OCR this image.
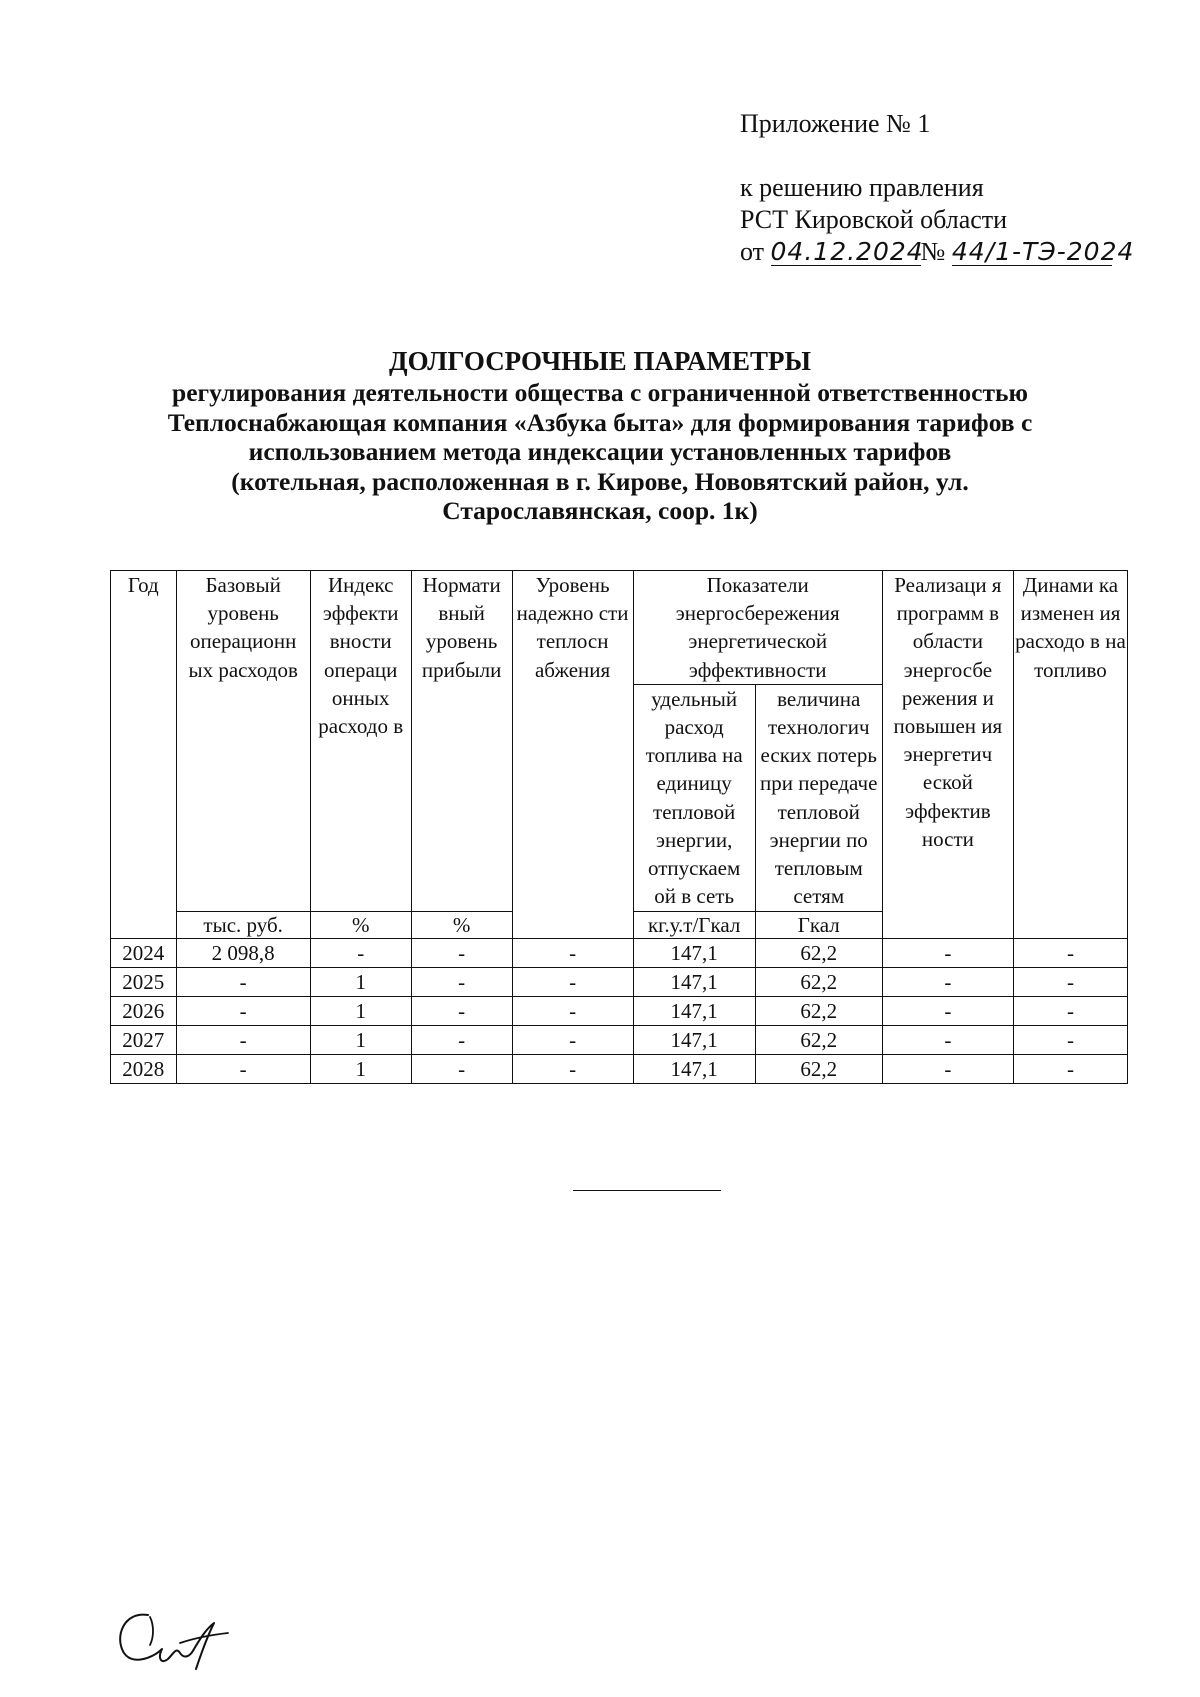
Приложение № 1
к решению правления
РСТ Кировской области
от 04.12.2024№ 44/1-ТЭ-2024
ДОЛГОСРОЧНЫЕ ПАРАМЕТРЫ
регулирования деятельности общества с ограниченной ответственностью
Теплоснабжающая компания «Азбука быта» для формирования тарифов с
использованием метода индексации установленных тарифов
(котельная, расположенная в г. Кирове, Нововятский район, ул.
Старославянская, соор. 1к)
Год	Базовый уровень операционн ых расходов	Индекс эффекти вности операци онных расходо в	Нормати вный уровень прибыли	Уровень надежно сти теплосн абжения	Показатели энергосбережения энергетической эффективности		Реализаци я программ в области энергосбе режения и повышен ия энергетич еской эффектив ности	Динами ка изменен ия расходо в на топливо
					удельный расход топлива на единицу тепловой энергии, отпускаем ой в сеть	величина технологич еских потерь при передаче тепловой энергии по тепловым сетям		
	тыс. руб.	%	%		кг.у.т/Гкал	Гкал		
2024	2 098,8	-	-	-	147,1	62,2	-	-
2025	-	1	-	-	147,1	62,2	-	-
2026	-	1	-	-	147,1	62,2	-	-
2027	-	1	-	-	147,1	62,2	-	-
2028	-	1	-	-	147,1	62,2	-	-
